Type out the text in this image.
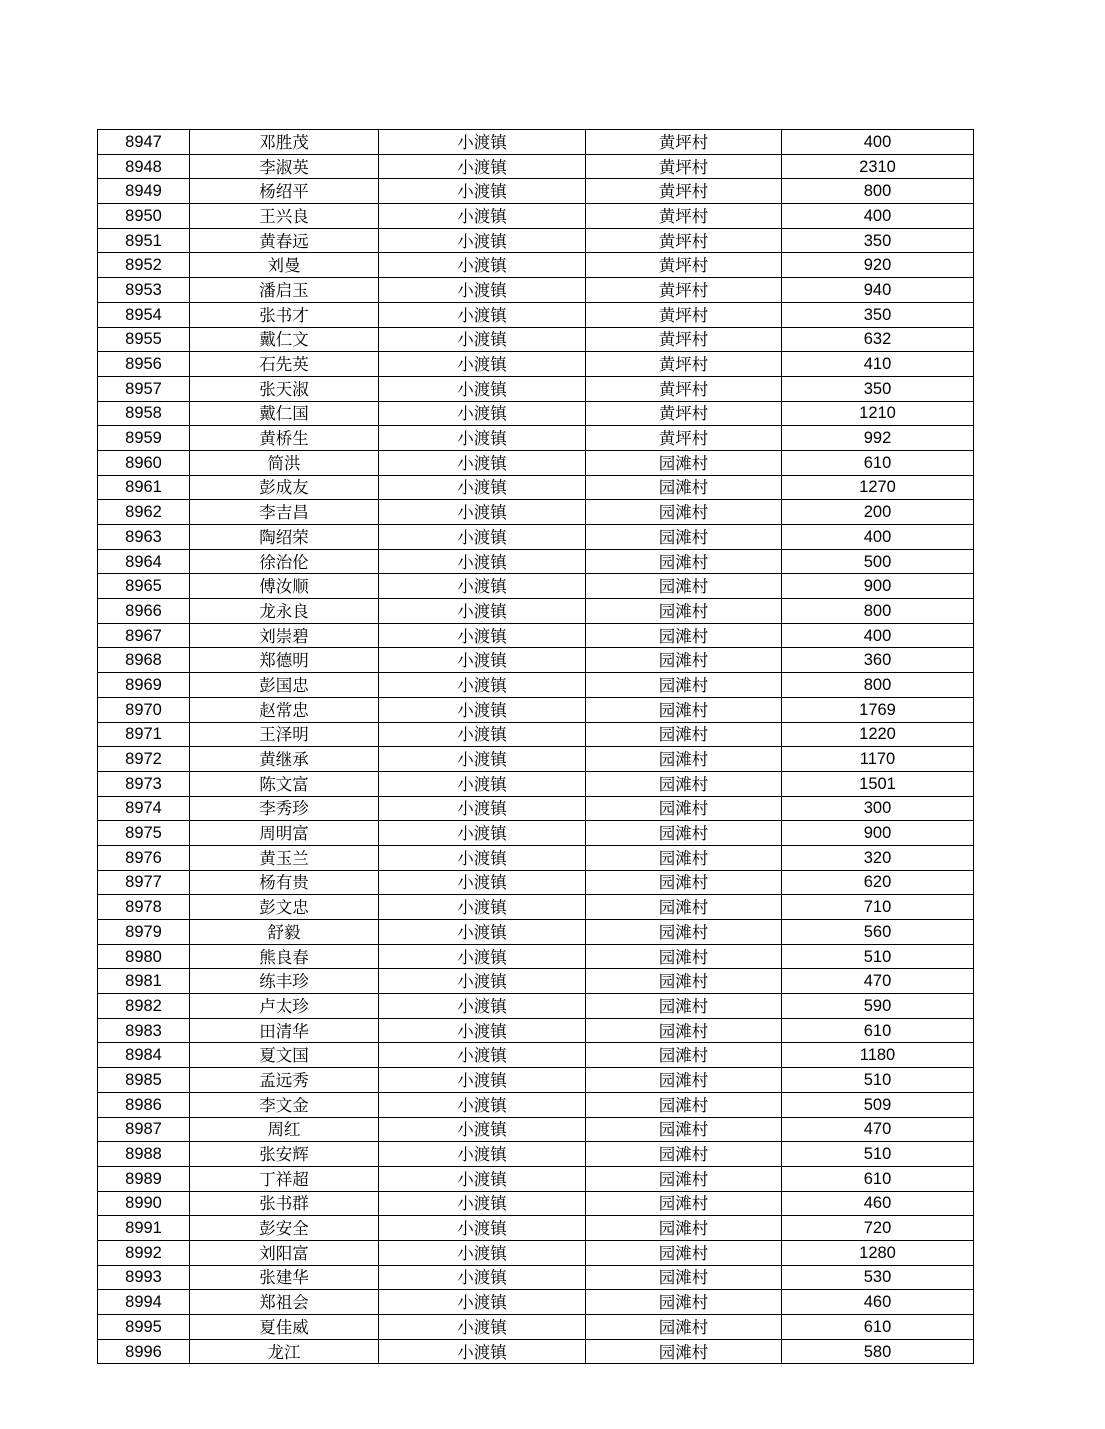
8947	邓胜茂	小渡镇	黄坪村	400
8948	李淑英	小渡镇	黄坪村	2310
8949	杨绍平	小渡镇	黄坪村	800
8950	王兴良	小渡镇	黄坪村	400
8951	黄春远	小渡镇	黄坪村	350
8952	刘曼	小渡镇	黄坪村	920
8953	潘启玉	小渡镇	黄坪村	940
8954	张书才	小渡镇	黄坪村	350
8955	戴仁文	小渡镇	黄坪村	632
8956	石先英	小渡镇	黄坪村	410
8957	张天淑	小渡镇	黄坪村	350
8958	戴仁国	小渡镇	黄坪村	1210
8959	黄桥生	小渡镇	黄坪村	992
8960	简洪	小渡镇	园滩村	610
8961	彭成友	小渡镇	园滩村	1270
8962	李吉昌	小渡镇	园滩村	200
8963	陶绍荣	小渡镇	园滩村	400
8964	徐治伦	小渡镇	园滩村	500
8965	傅汝顺	小渡镇	园滩村	900
8966	龙永良	小渡镇	园滩村	800
8967	刘崇碧	小渡镇	园滩村	400
8968	郑德明	小渡镇	园滩村	360
8969	彭国忠	小渡镇	园滩村	800
8970	赵常忠	小渡镇	园滩村	1769
8971	王泽明	小渡镇	园滩村	1220
8972	黄继承	小渡镇	园滩村	1170
8973	陈文富	小渡镇	园滩村	1501
8974	李秀珍	小渡镇	园滩村	300
8975	周明富	小渡镇	园滩村	900
8976	黄玉兰	小渡镇	园滩村	320
8977	杨有贵	小渡镇	园滩村	620
8978	彭文忠	小渡镇	园滩村	710
8979	舒毅	小渡镇	园滩村	560
8980	熊良春	小渡镇	园滩村	510
8981	练丰珍	小渡镇	园滩村	470
8982	卢太珍	小渡镇	园滩村	590
8983	田清华	小渡镇	园滩村	610
8984	夏文国	小渡镇	园滩村	1180
8985	孟远秀	小渡镇	园滩村	510
8986	李文金	小渡镇	园滩村	509
8987	周红	小渡镇	园滩村	470
8988	张安辉	小渡镇	园滩村	510
8989	丁祥超	小渡镇	园滩村	610
8990	张书群	小渡镇	园滩村	460
8991	彭安全	小渡镇	园滩村	720
8992	刘阳富	小渡镇	园滩村	1280
8993	张建华	小渡镇	园滩村	530
8994	郑祖会	小渡镇	园滩村	460
8995	夏佳威	小渡镇	园滩村	610
8996	龙江	小渡镇	园滩村	580
